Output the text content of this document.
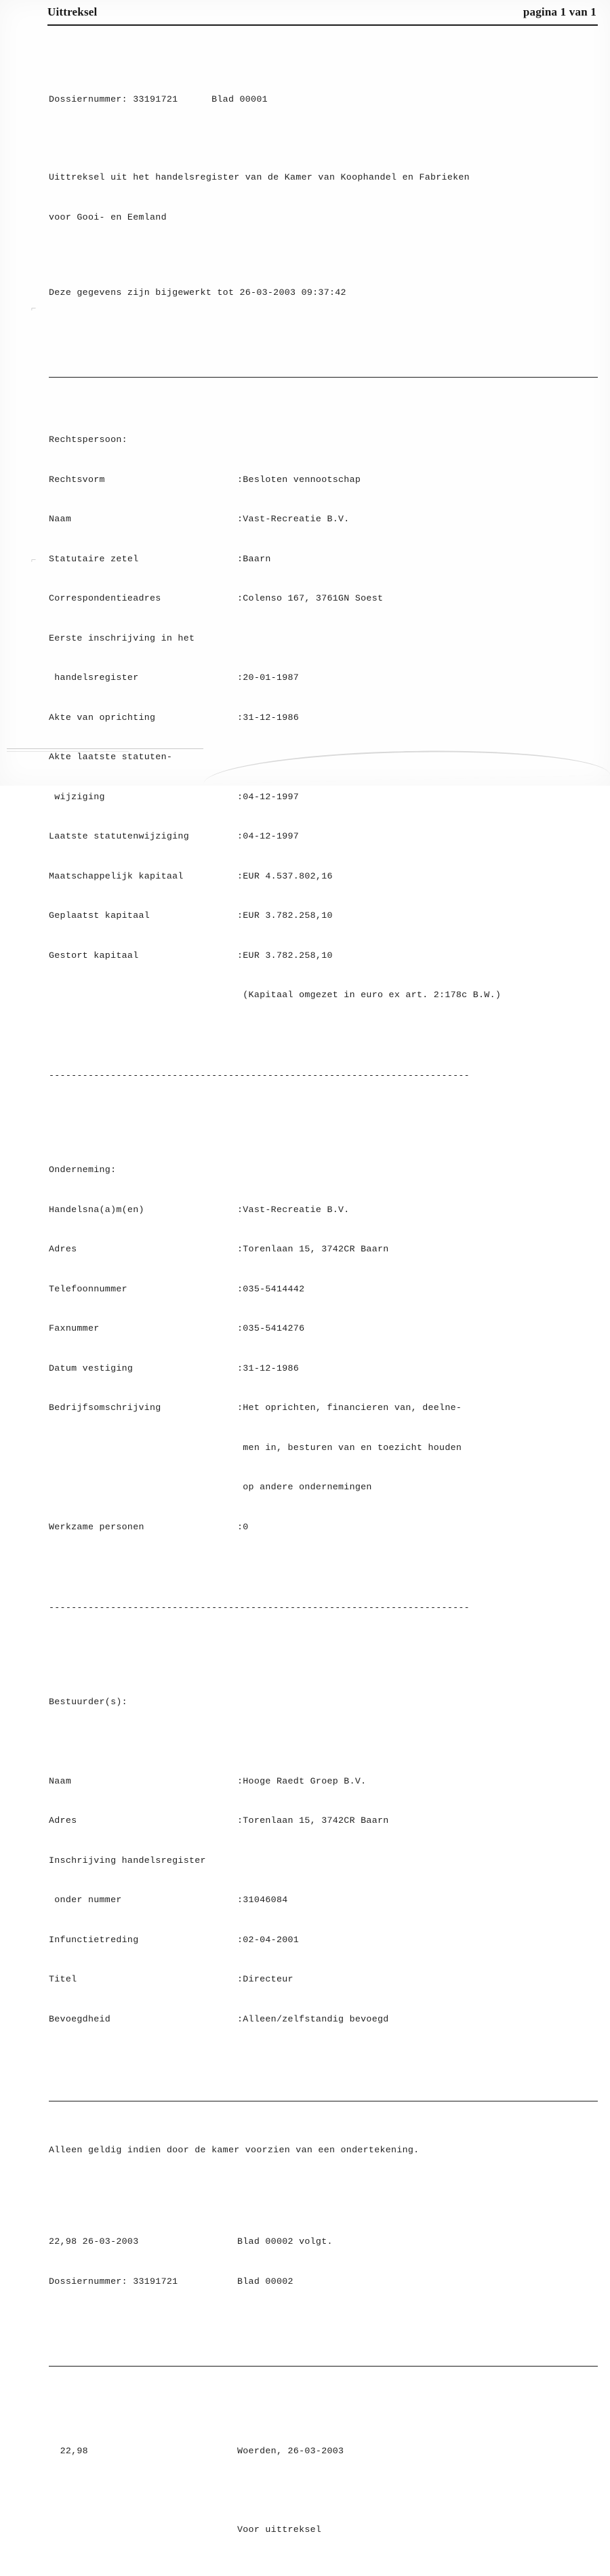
Uittreksel	pagina 1 van 1
⌐
⌐

Dossiernummer: 33191721      Blad 00001

Uittreksel uit het handelsregister van de Kamer van Koophandel en Fabrieken

voor Gooi- en Eemland

Deze gegevens zijn bijgewerkt tot 26-03-2003 09:37:42

Rechtspersoon:

Rechtsvorm	:Besloten vennootschap

Naam	:Vast-Recreatie B.V.

Statutaire zetel	:Baarn

Correspondentieadres	:Colenso 167, 3761GN Soest

Eerste inschrijving in het

handelsregister	:20-01-1987

Akte van oprichting	:31-12-1986

Akte laatste statuten-

wijziging	:04-12-1997

Laatste statutenwijziging	:04-12-1997

Maatschappelijk kapitaal	:EUR 4.537.802,16

Geplaatst kapitaal	:EUR 3.782.258,10

Gestort kapitaal	:EUR 3.782.258,10

(Kapitaal omgezet in euro ex art. 2:178c B.W.)

---------------------------------------------------------------------------

Onderneming:

Handelsna(a)m(en)	:Vast-Recreatie B.V.

Adres	:Torenlaan 15, 3742CR Baarn

Telefoonnummer	:035-5414442

Faxnummer	:035-5414276

Datum vestiging	:31-12-1986

Bedrijfsomschrijving	:Het oprichten, financieren van, deelne-

men in, besturen van en toezicht houden

op andere ondernemingen

Werkzame personen	:0

---------------------------------------------------------------------------

Bestuurder(s):

Naam	:Hooge Raedt Groep B.V.

Adres	:Torenlaan 15, 3742CR Baarn

Inschrijving handelsregister

onder nummer	:31046084

Infunctietreding	:02-04-2001

Titel	:Directeur

Bevoegdheid	:Alleen/zelfstandig bevoegd

Alleen geldig indien door de kamer voorzien van een ondertekening.

22,98 26-03-2003	Blad 00002 volgt.

Dossiernummer: 33191721	Blad 00002

22,98	Woerden, 26-03-2003

Voor uittreksel
